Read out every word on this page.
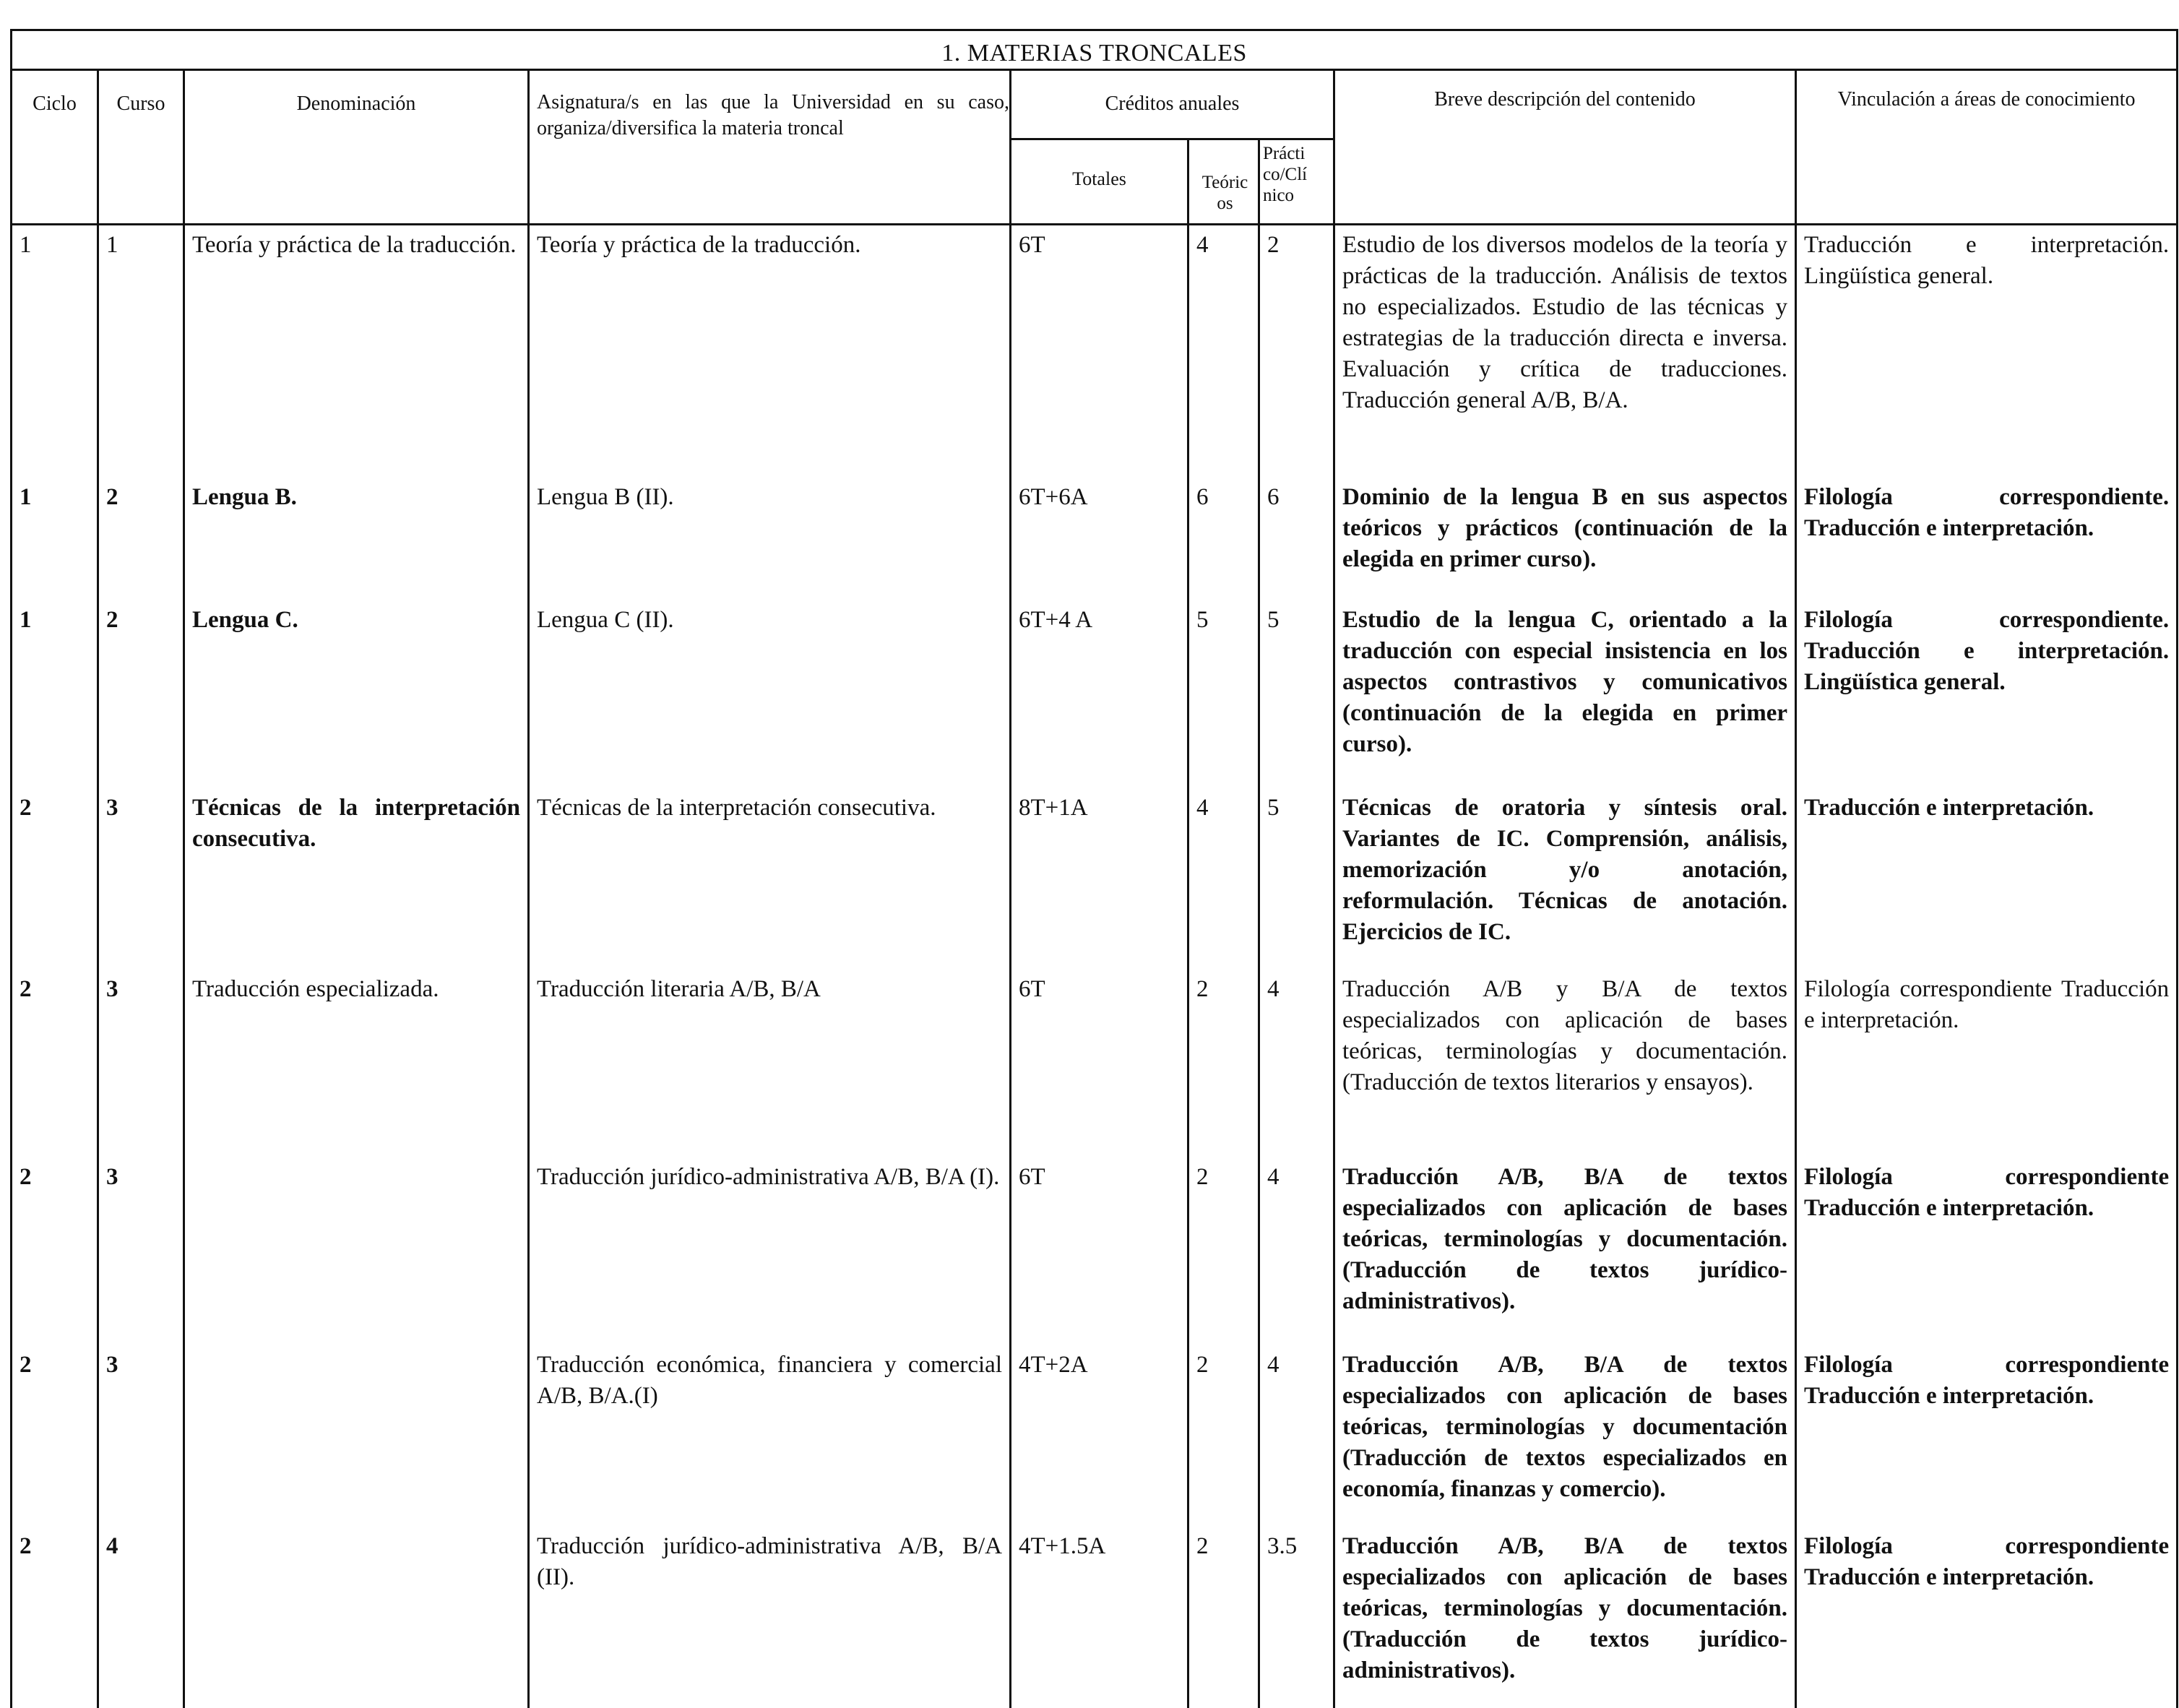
1. MATERIAS TRONCALES								
Ciclo	Curso	Denominación	Asignatura/s en las que la Universidad en su caso, organiza/diversifica la materia troncal	Créditos anuales			Breve descripción del contenido	Vinculación a áreas de conocimiento
				Totales	Teóric os	Prácti co/Clí nico		
1	1	Teoría y práctica de la traducción.	Teoría y práctica de la traducción.	6T	4	2	Estudio de los diversos modelos de la teoría y prácticas de la traducción. Análisis de textos no especializados. Estudio de las técnicas y estrategias de la traducción directa e inversa. Evaluación y crítica de traducciones. Traducción general A/B, B/A.	Traducción e interpretación. Lingüística general.
1	2	Lengua B.	Lengua B (II).	6T+6A	6	6	Dominio de la lengua B en sus aspectos teóricos y prácticos (continuación de la elegida en primer curso).	Filología correspondiente. Traducción e interpretación.
1	2	Lengua C.	Lengua C (II).	6T+4 A	5	5	Estudio de la lengua C, orientado a la traducción con especial insistencia en los aspectos contrastivos y comunicativos (continuación de la elegida en primer curso).	Filología correspondiente. Traducción e interpretación. Lingüística general.
2	3	Técnicas de la interpretación consecutiva.	Técnicas de la interpretación consecutiva.	8T+1A	4	5	Técnicas de oratoria y síntesis oral. Variantes de IC. Comprensión, análisis, memorización y/o anotación, reformulación. Técnicas de anotación. Ejercicios de IC.	Traducción e interpretación.
2	3	Traducción especializada.	Traducción literaria A/B, B/A	6T	2	4	Traducción A/B y B/A de textos especializados con aplicación de bases teóricas, terminologías y documentación. (Traducción de textos literarios y ensayos).	Filología correspondiente Traducción e interpretación.
2	3		Traducción jurídico-administrativa A/B, B/A (I).	6T	2	4	Traducción A/B, B/A de textos especializados con aplicación de bases teóricas, terminologías y documentación. (Traducción de textos jurídico-administrativos).	Filología correspondiente Traducción e interpretación.
2	3		Traducción económica, financiera y comercial A/B, B/A.(I)	4T+2A	2	4	Traducción A/B, B/A de textos especializados con aplicación de bases teóricas, terminologías y documentación (Traducción de textos especializados en economía, finanzas y comercio).	Filología correspondiente Traducción e interpretación.
2	4		Traducción jurídico-administrativa A/B, B/A (II).	4T+1.5A	2	3.5	Traducción A/B, B/A de textos especializados con aplicación de bases teóricas, terminologías y documentación. (Traducción de textos jurídico-administrativos).	Filología correspondiente Traducción e interpretación.
